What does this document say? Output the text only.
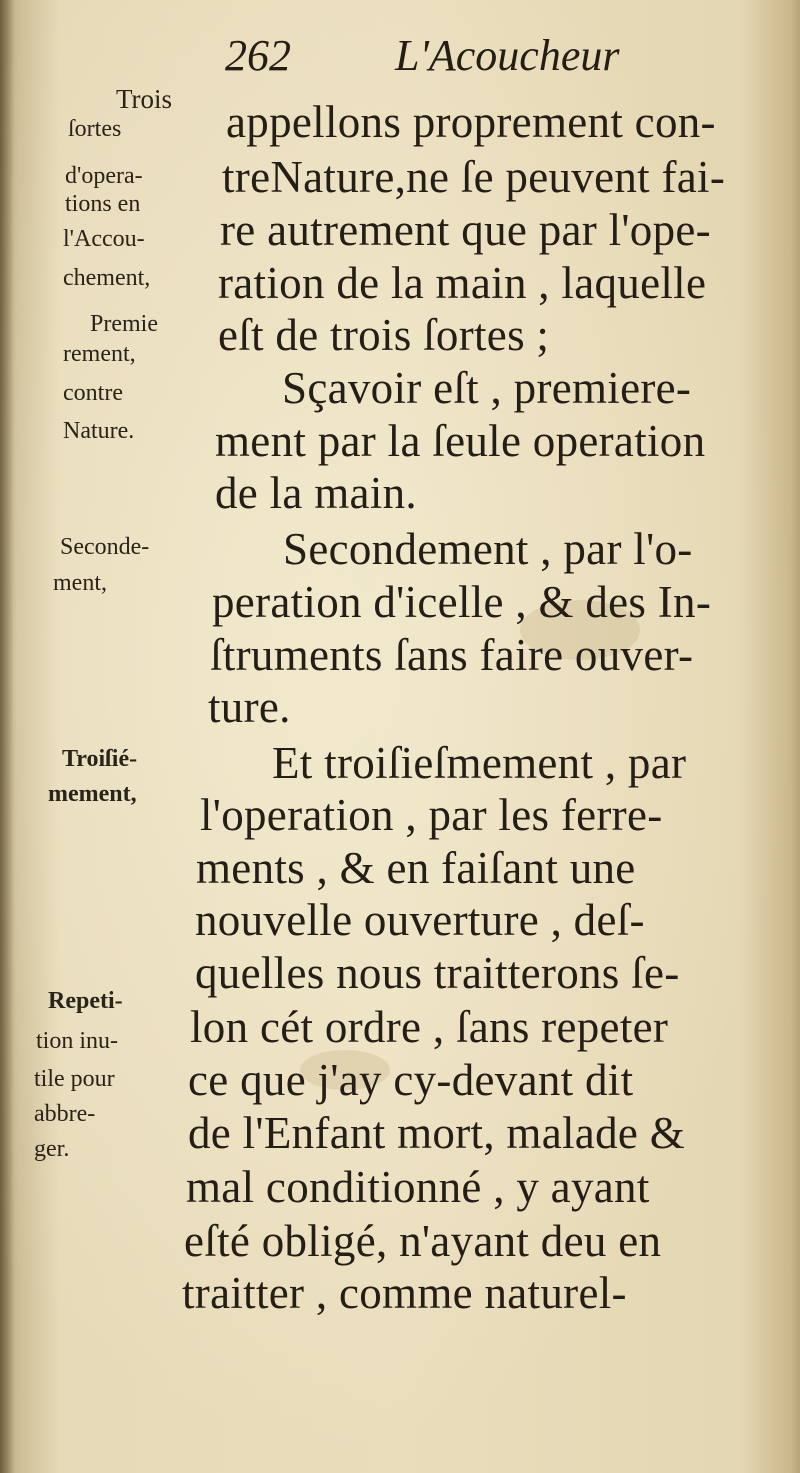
262 L'Acoucheur
appellons proprement con-
treNature,ne ſe peuvent fai-
re autrement que par l'ope-
ration de la main , laquelle
eſt de trois ſortes ;
Sçavoir eſt , premiere-
ment par la ſeule operation
de la main.
Secondement , par l'o-
peration d'icelle , & des In-
ſtruments ſans faire ouver-
ture.
Et troiſieſmement , par
l'operation , par les ferre-
ments , & en faiſant une
nouvelle ouverture , deſ-
quelles nous traitterons ſe-
lon cét ordre , ſans repeter
ce que j'ay cy-devant dit
de l'Enfant mort, malade &
mal conditionné , y ayant
eſté obligé, n'ayant deu en
traitter , comme naturel-
Trois
ſortes
d'opera-
tions en
l'Accou-
chement,
Premie
rement,
contre
Nature.
Seconde-
ment,
Troiſié-
mement,
Repeti-
tion inu-
tile pour
abbre-
ger.
